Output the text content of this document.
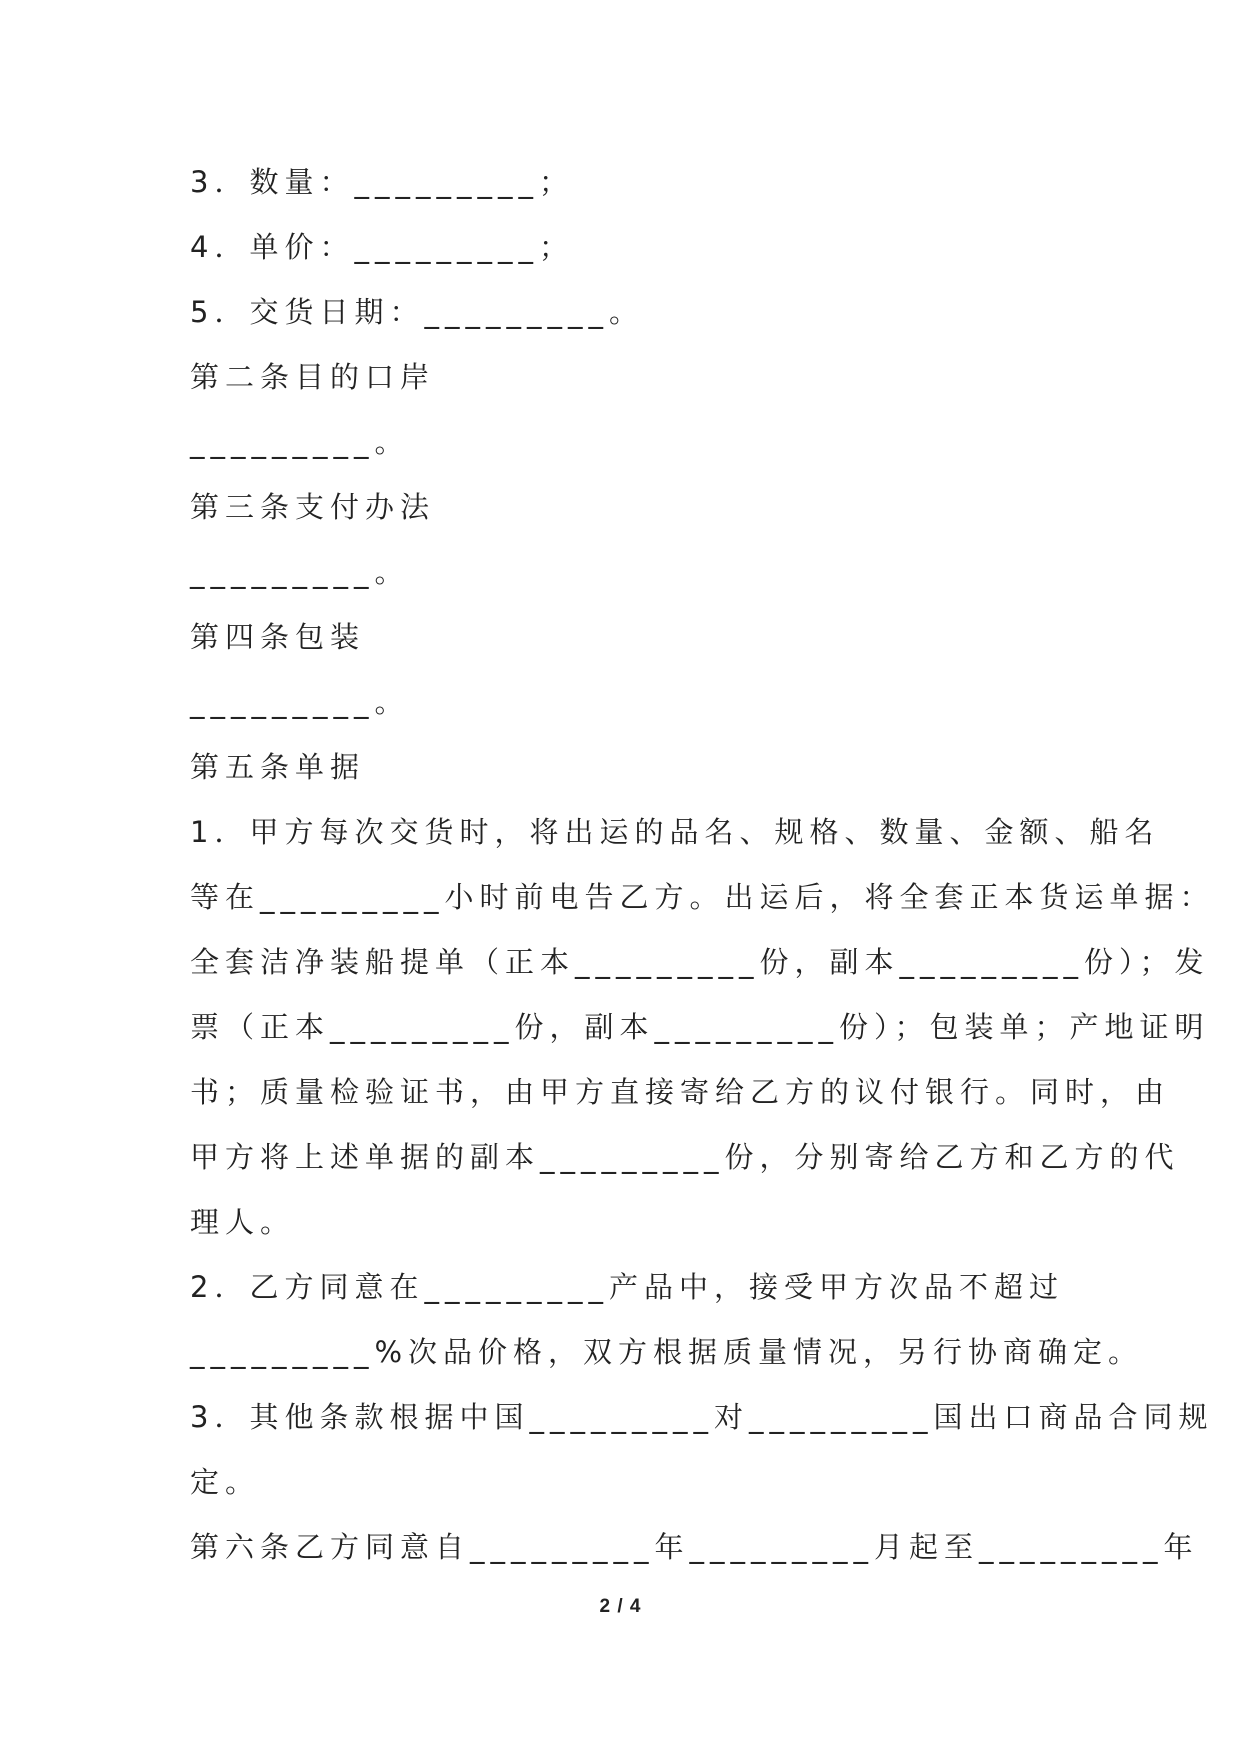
3．数量：_________；
4．单价：_________；
5．交货日期：_________。
第二条目的口岸
_________。
第三条支付办法
_________。
第四条包装
_________。
第五条单据
1．甲方每次交货时，将出运的品名、规格、数量、金额、船名
等在_________小时前电告乙方。出运后，将全套正本货运单据：
全套洁净装船提单（正本_________份，副本_________份）；发
票（正本_________份，副本_________份）；包装单；产地证明
书；质量检验证书，由甲方直接寄给乙方的议付银行。同时，由
甲方将上述单据的副本_________份，分别寄给乙方和乙方的代
理人。
2．乙方同意在_________产品中，接受甲方次品不超过
_________%次品价格，双方根据质量情况，另行协商确定。
3．其他条款根据中国_________对_________国出口商品合同规
定。
第六条乙方同意自_________年_________月起至_________年
2 / 4
